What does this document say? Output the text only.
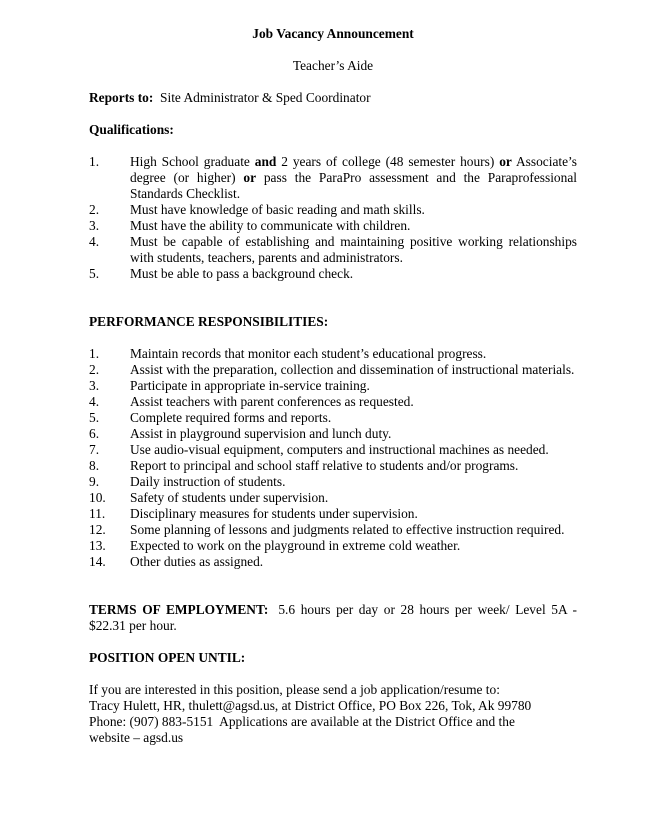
Job Vacancy Announcement
Teacher’s Aide
Reports to: Site Administrator & Sped Coordinator
Qualifications:
1.	High School graduate and 2 years of college (48 semester hours) or Associate’s degree (or higher) or pass the ParaPro assessment and the Paraprofessional Standards Checklist.
2.	Must have knowledge of basic reading and math skills.
3.	Must have the ability to communicate with children.
4.	Must be capable of establishing and maintaining positive working relationships with students, teachers, parents and administrators.
5.	Must be able to pass a background check.
PERFORMANCE RESPONSIBILITIES:
1.	Maintain records that monitor each student’s educational progress.
2.	Assist with the preparation, collection and dissemination of instructional materials.
3.	Participate in appropriate in-service training.
4.	Assist teachers with parent conferences as requested.
5.	Complete required forms and reports.
6.	Assist in playground supervision and lunch duty.
7.	Use audio-visual equipment, computers and instructional machines as needed.
8.	Report to principal and school staff relative to students and/or programs.
9.	Daily instruction of students.
10.	Safety of students under supervision.
11.	Disciplinary measures for students under supervision.
12.	Some planning of lessons and judgments related to effective instruction required.
13.	Expected to work on the playground in extreme cold weather.
14.	Other duties as assigned.
TERMS OF EMPLOYMENT: 5.6 hours per day or 28 hours per week/ Level 5A - $22.31 per hour.
POSITION OPEN UNTIL:
If you are interested in this position, please send a job application/resume to:
Tracy Hulett, HR, thulett@agsd.us, at District Office, PO Box 226, Tok, Ak 99780
Phone: (907) 883-5151  Applications are available at the District Office and the
website – agsd.us
